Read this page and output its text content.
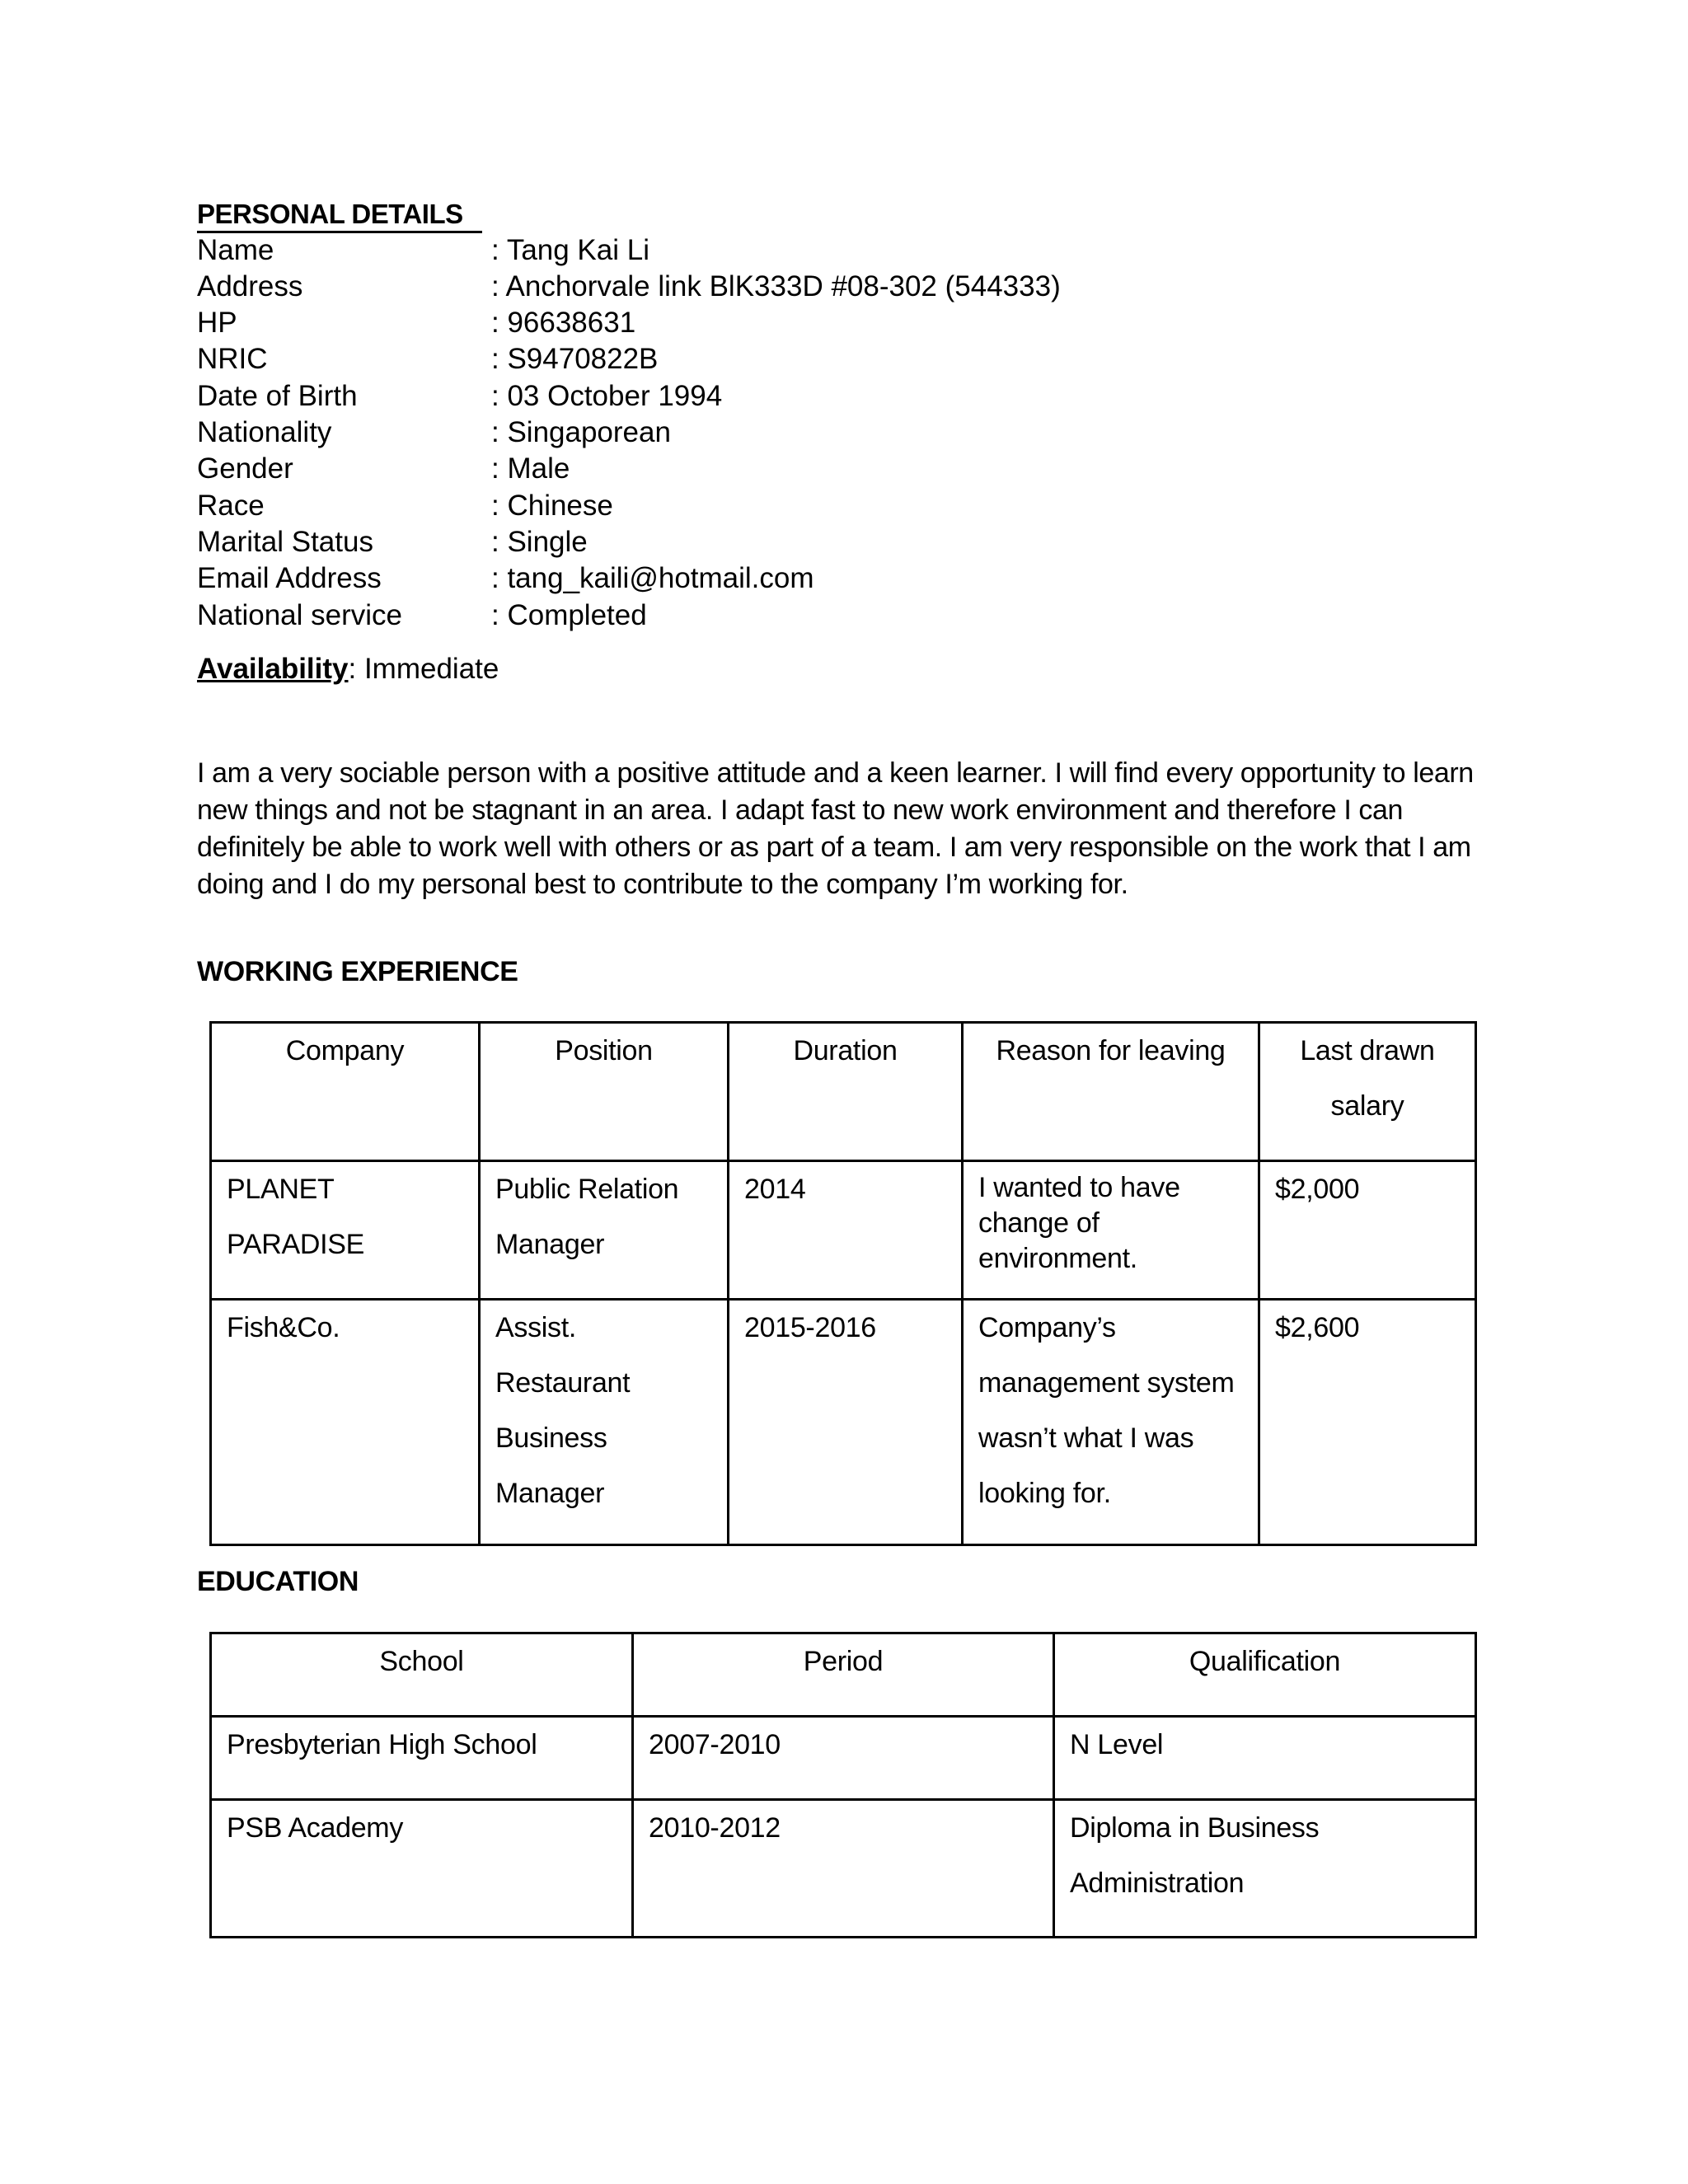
PERSONAL DETAILS
Name	: Tang Kai Li
Address	: Anchorvale link BlK333D #08-302 (544333)
HP	: 96638631
NRIC	: S9470822B
Date of Birth	: 03 October 1994
Nationality	: Singaporean
Gender	: Male
Race	: Chinese
Marital Status	: Single
Email Address	: tang_kaili@hotmail.com
National service	: Completed
Availability: Immediate
I am a very sociable person with a positive attitude and a keen learner. I will find every opportunity to learn new things and not be stagnant in an area. I adapt fast to new work environment and therefore I can definitely be able to work well with others or as part of a team. I am very responsible on the work that I am doing and I do my personal best to contribute to the company I’m working for.
WORKING EXPERIENCE
Company	Position	Duration	Reason for leaving	Last drawn salary
PLANET PARADISE	Public Relation Manager	2014	I wanted to have change of environment.	$2,000
Fish&Co.	Assist. Restaurant Business Manager	2015-2016	Company’s management system wasn’t what I was looking for.	$2,600
EDUCATION
School	Period	Qualification
Presbyterian High School	2007-2010	N Level
PSB Academy	2010-2012	Diploma in Business Administration
